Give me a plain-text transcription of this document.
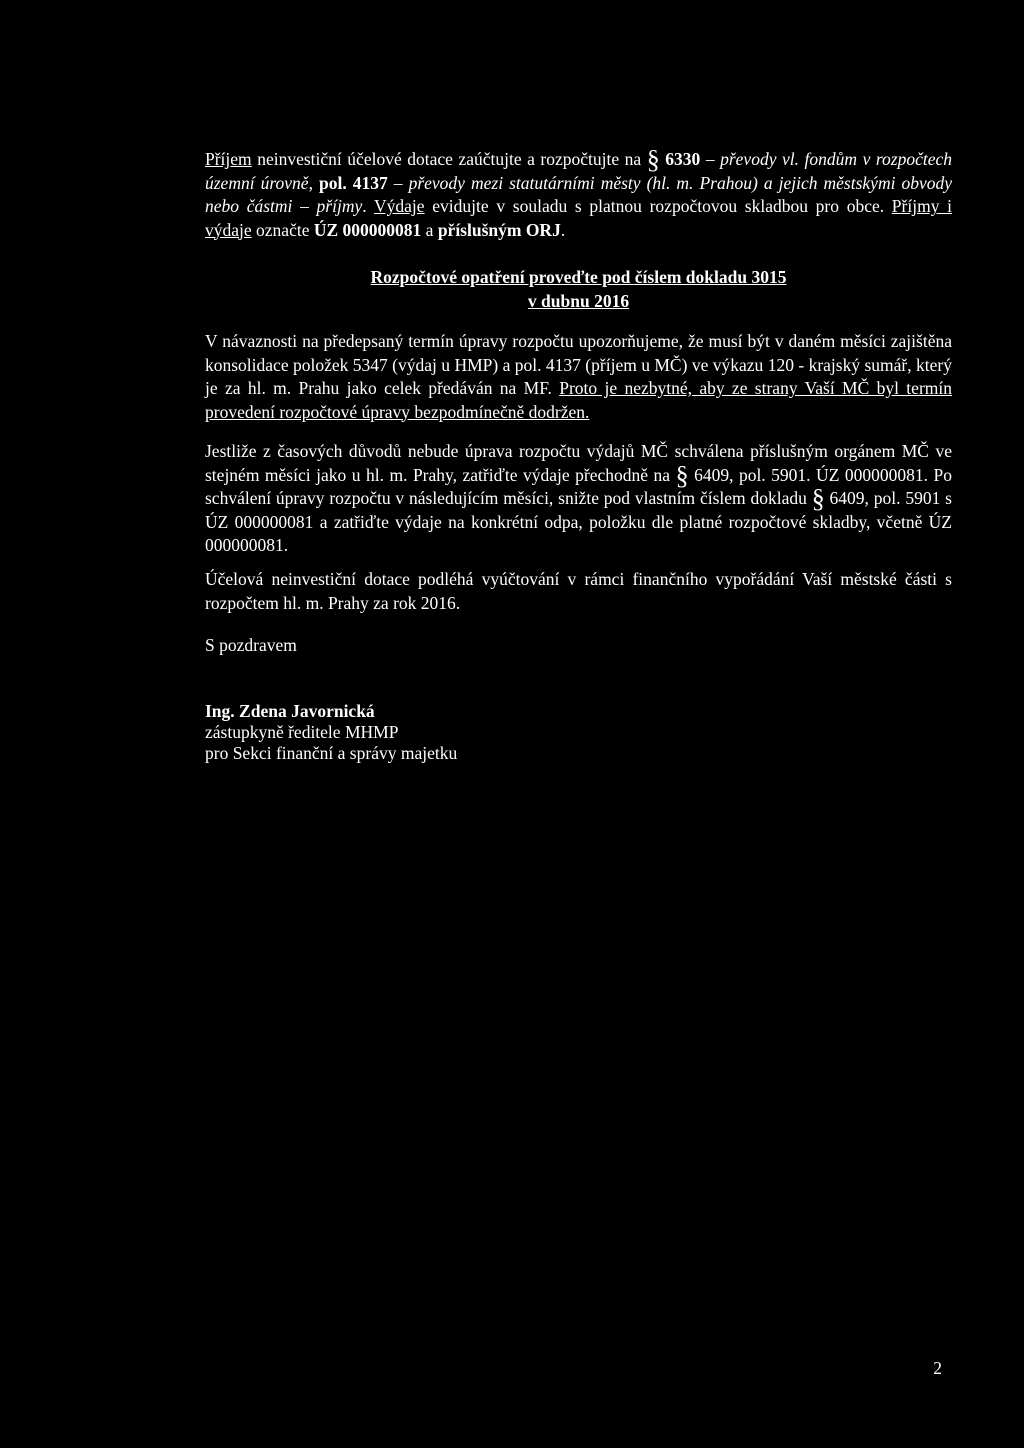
Příjem neinvestiční účelové dotace zaúčtujte a rozpočtujte na § 6330 – převody vl. fondům v rozpočtech územní úrovně, pol. 4137 – převody mezi statutárními městy (hl. m. Prahou) a jejich městskými obvody nebo částmi – příjmy. Výdaje evidujte v souladu s platnou rozpočtovou skladbou pro obce. Příjmy i výdaje označte ÚZ 000000081 a příslušným ORJ.

Rozpočtové opatření proveďte pod číslem dokladu 3015
v dubnu 2016

V návaznosti na předepsaný termín úpravy rozpočtu upozorňujeme, že musí být v daném měsíci zajištěna konsolidace položek 5347 (výdaj u HMP) a pol. 4137 (příjem u MČ) ve výkazu 120 - krajský sumář, který je za hl. m. Prahu jako celek předáván na MF. Proto je nezbytné, aby ze strany Vaší MČ byl termín provedení rozpočtové úpravy bezpodmínečně dodržen.

Jestliže z časových důvodů nebude úprava rozpočtu výdajů MČ schválena příslušným orgánem MČ ve stejném měsíci jako u hl. m. Prahy, zatřiďte výdaje přechodně na § 6409, pol. 5901. ÚZ 000000081. Po schválení úpravy rozpočtu v následujícím měsíci, snižte pod vlastním číslem dokladu § 6409, pol. 5901 s ÚZ 000000081 a zatřiďte výdaje na konkrétní odpa, položku dle platné rozpočtové skladby, včetně ÚZ 000000081.

Účelová neinvestiční dotace podléhá vyúčtování v rámci finančního vypořádání Vaší městské části s rozpočtem hl. m. Prahy za rok 2016.

S pozdravem
Ing. Zdena Javornická
zástupkyně ředitele MHMP
pro Sekci finanční a správy majetku
2
